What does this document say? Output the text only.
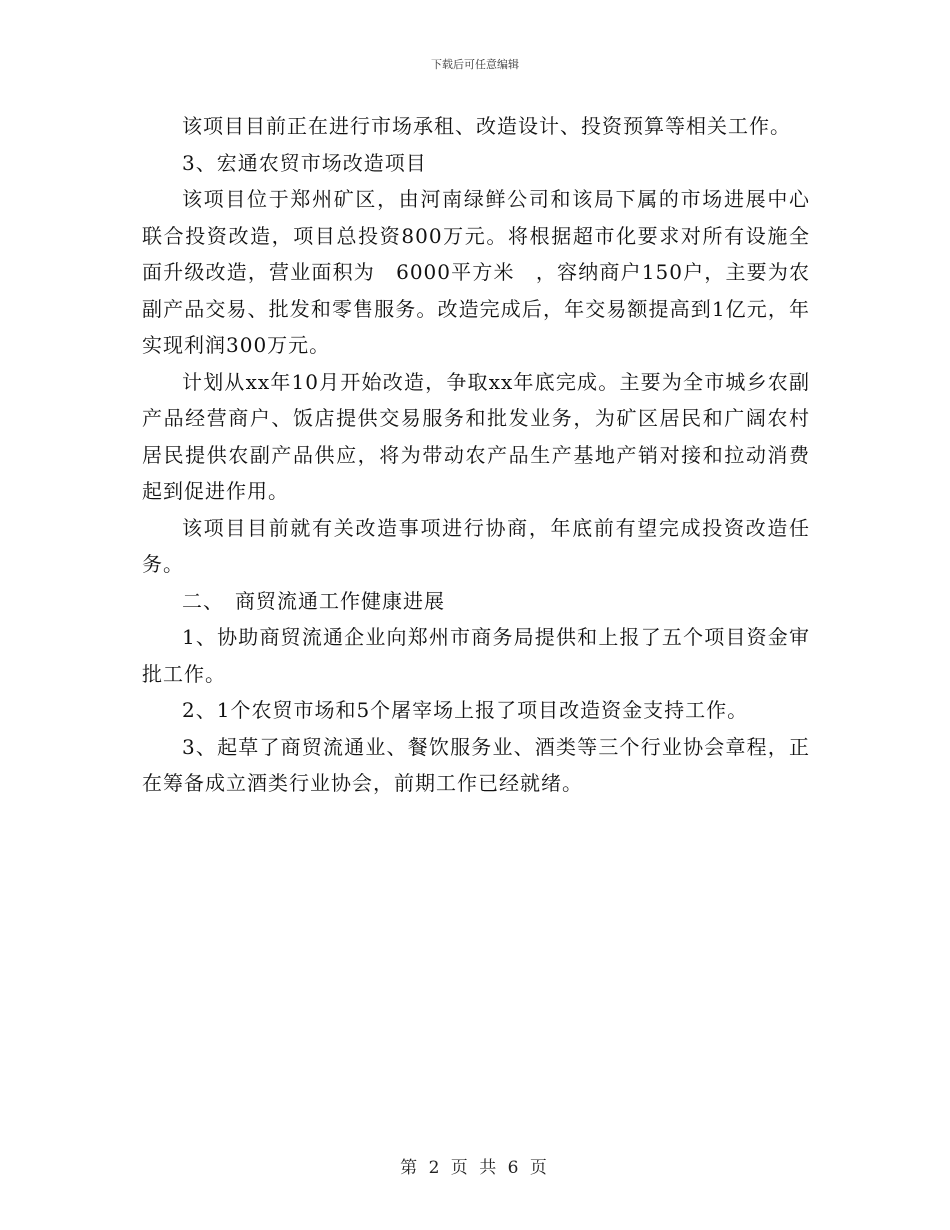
下载后可任意编辑

该项目目前正在进行市场承租、改造设计、投资预算等相关工作。

3、宏通农贸市场改造项目

该项目位于郑州矿区，由河南绿鲜公司和该局下属的市场进展中心联合投资改造，项目总投资800万元。将根据超市化要求对所有设施全面升级改造，营业面积为　6000平方米　，容纳商户150户，主要为农副产品交易、批发和零售服务。改造完成后，年交易额提高到1亿元，年实现利润300万元。

计划从xx年10月开始改造，争取xx年底完成。主要为全市城乡农副产品经营商户、饭店提供交易服务和批发业务，为矿区居民和广阔农村居民提供农副产品供应，将为带动农产品生产基地产销对接和拉动消费起到促进作用。

该项目目前就有关改造事项进行协商，年底前有望完成投资改造任务。

二、　商贸流通工作健康进展

1、协助商贸流通企业向郑州市商务局提供和上报了五个项目资金审批工作。

2、1个农贸市场和5个屠宰场上报了项目改造资金支持工作。

3、起草了商贸流通业、餐饮服务业、酒类等三个行业协会章程，正在筹备成立酒类行业协会，前期工作已经就绪。

第 2 页 共 6 页
